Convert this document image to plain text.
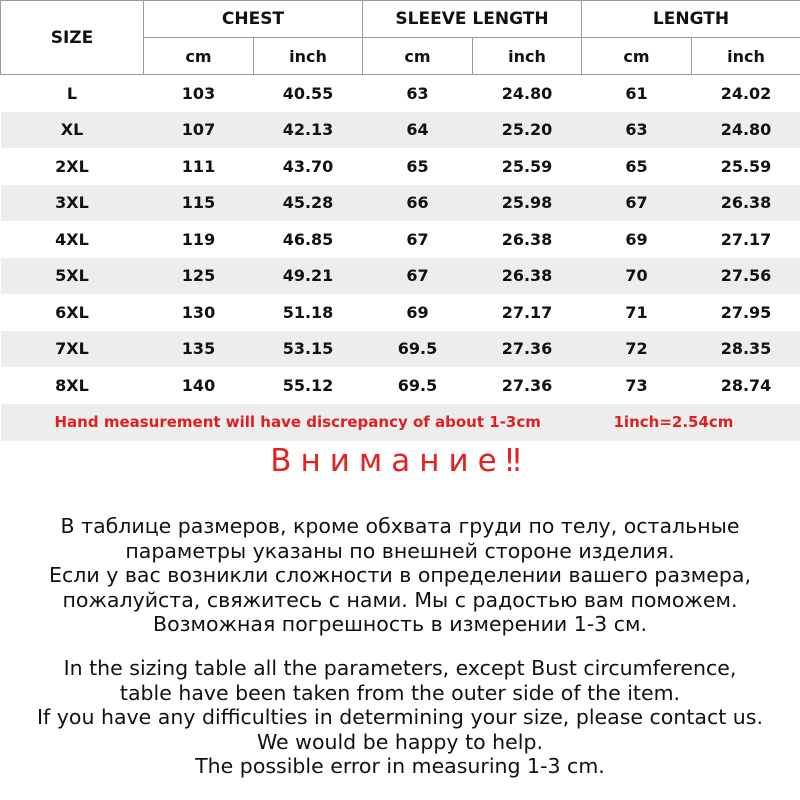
SIZE	CHEST		SLEEVE LENGTH		LENGTH	
	cm	inch	cm	inch	cm	inch
L	103	40.55	63	24.80	61	24.02
XL	107	42.13	64	25.20	63	24.80
2XL	111	43.70	65	25.59	65	25.59
3XL	115	45.28	66	25.98	67	26.38
4XL	119	46.85	67	26.38	69	27.17
5XL	125	49.21	67	26.38	70	27.56
6XL	130	51.18	69	27.17	71	27.95
7XL	135	53.15	69.5	27.36	72	28.35
8XL	140	55.12	69.5	27.36	73	28.74
Hand measurement will have discrepancy of about 1-3cm					1inch=2.54cm	
Внимание‼
В таблице размеров, кроме обхвата груди по телу, остальные
параметры указаны по внешней стороне изделия.
Если у вас возникли сложности в определении вашего размера,
пожалуйста, свяжитесь с нами. Мы с радостью вам поможем.
Возможная погрешность в измерении 1-3 см.
In the sizing table all the parameters, except Bust circumference,
table have been taken from the outer side of the item.
If you have any difficulties in determining your size, please contact us.
We would be happy to help.
The possible error in measuring 1-3 cm.
